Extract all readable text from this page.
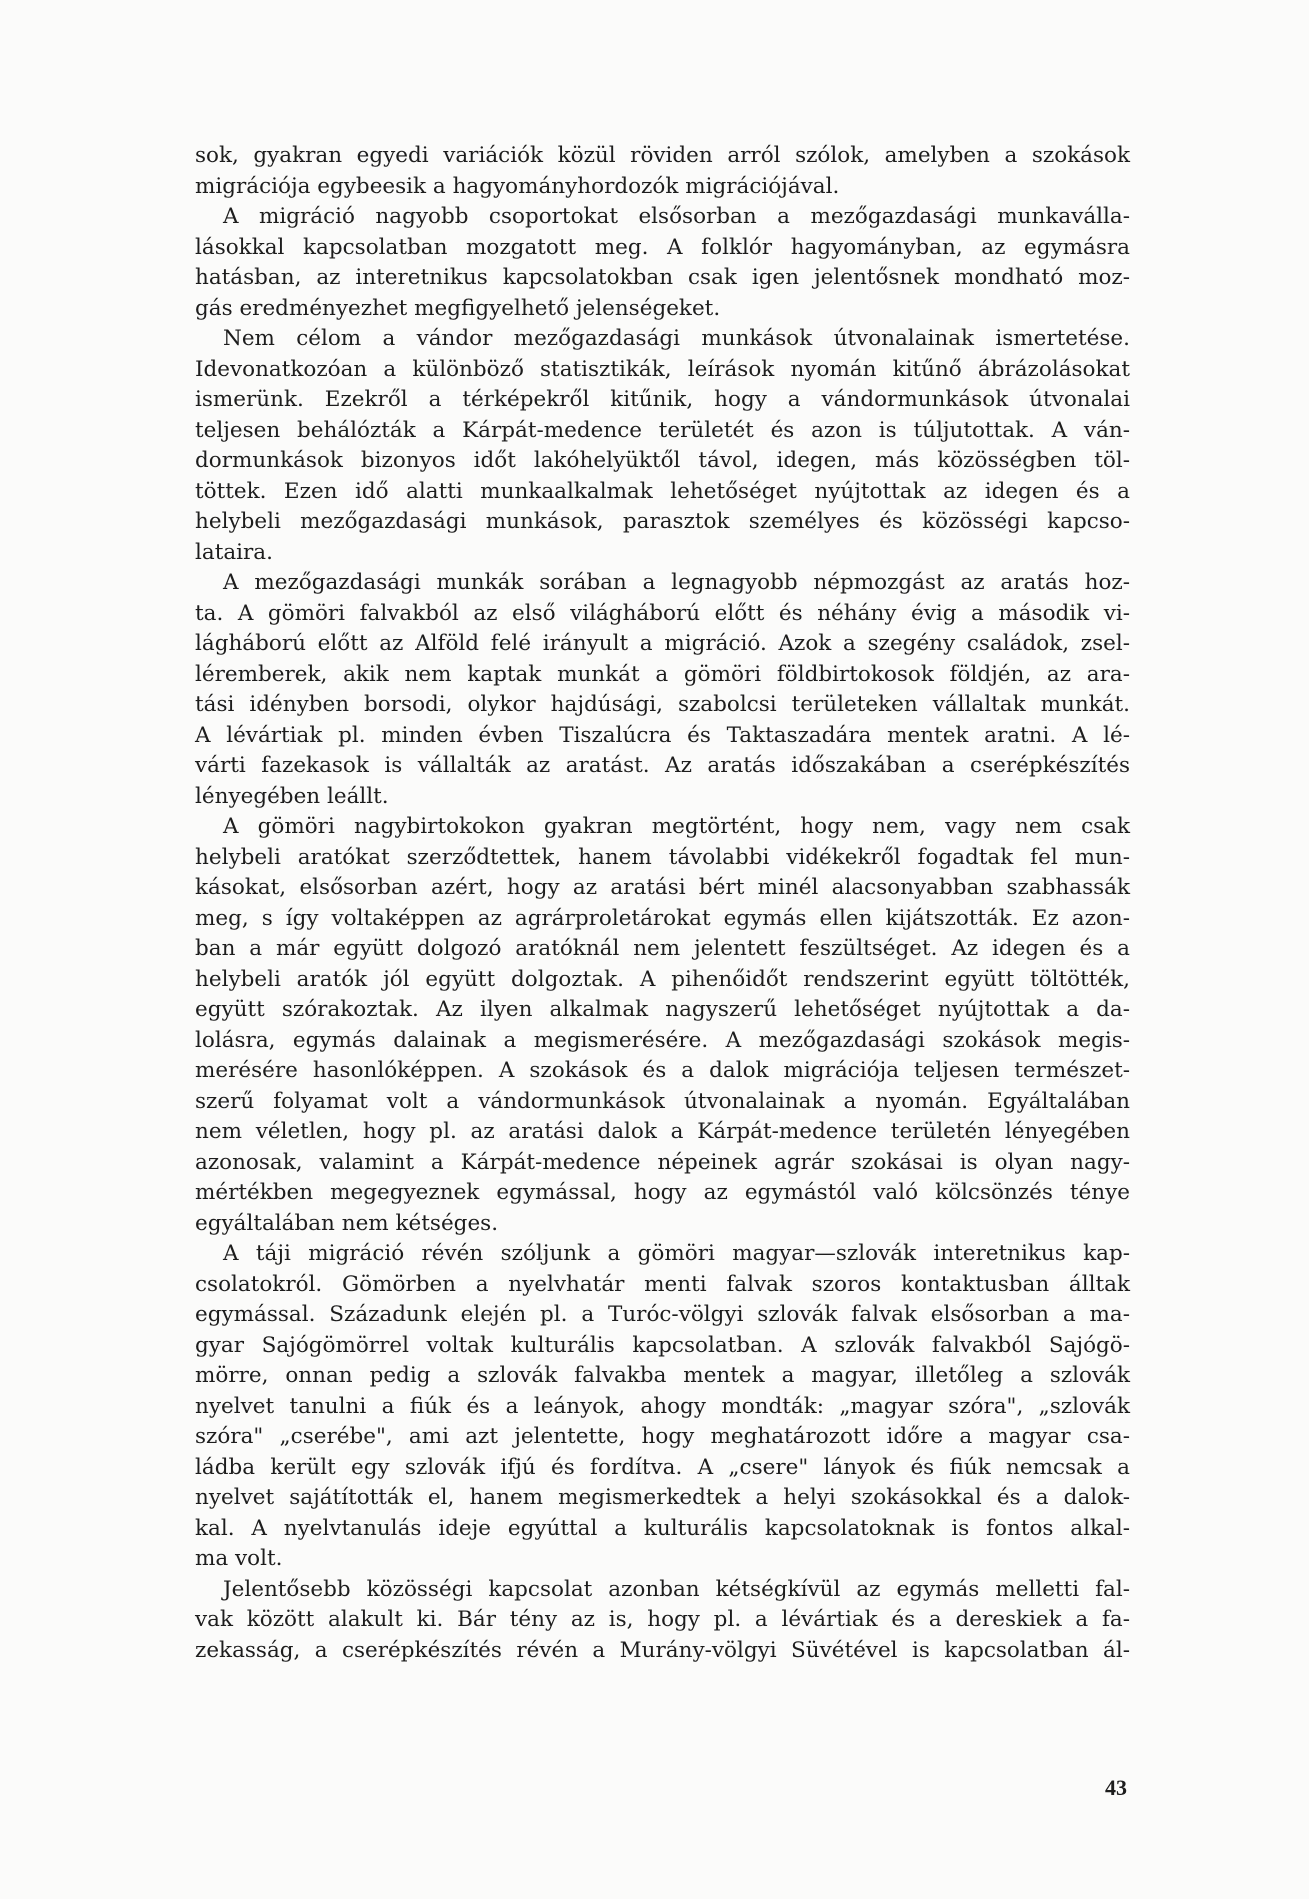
sok, gyakran egyedi variációk közül röviden arról szólok, amelyben a szokások
migrációja egybeesik a hagyományhordozók migrációjával.
A migráció nagyobb csoportokat elsősorban a mezőgazdasági munkaválla-
lásokkal kapcsolatban mozgatott meg. A folklór hagyományban, az egymásra
hatásban, az interetnikus kapcsolatokban csak igen jelentősnek mondható moz-
gás eredményezhet megfigyelhető jelenségeket.
Nem célom a vándor mezőgazdasági munkások útvonalainak ismertetése.
Idevonatkozóan a különböző statisztikák, leírások nyomán kitűnő ábrázolásokat
ismerünk. Ezekről a térképekről kitűnik, hogy a vándormunkások útvonalai
teljesen behálózták a Kárpát-medence területét és azon is túljutottak. A ván-
dormunkások bizonyos időt lakóhelyüktől távol, idegen, más közösségben töl-
töttek. Ezen idő alatti munkaalkalmak lehetőséget nyújtottak az idegen és a
helybeli mezőgazdasági munkások, parasztok személyes és közösségi kapcso-
lataira.
A mezőgazdasági munkák sorában a legnagyobb népmozgást az aratás hoz-
ta. A gömöri falvakból az első világháború előtt és néhány évig a második vi-
lágháború előtt az Alföld felé irányult a migráció. Azok a szegény családok, zsel-
léremberek, akik nem kaptak munkát a gömöri földbirtokosok földjén, az ara-
tási idényben borsodi, olykor hajdúsági, szabolcsi területeken vállaltak munkát.
A lévártiak pl. minden évben Tiszalúcra és Taktaszadára mentek aratni. A lé-
várti fazekasok is vállalták az aratást. Az aratás időszakában a cserépkészítés
lényegében leállt.
A gömöri nagybirtokokon gyakran megtörtént, hogy nem, vagy nem csak
helybeli aratókat szerződtettek, hanem távolabbi vidékekről fogadtak fel mun-
kásokat, elsősorban azért, hogy az aratási bért minél alacsonyabban szabhassák
meg, s így voltaképpen az agrárproletárokat egymás ellen kijátszották. Ez azon-
ban a már együtt dolgozó aratóknál nem jelentett feszültséget. Az idegen és a
helybeli aratók jól együtt dolgoztak. A pihenőidőt rendszerint együtt töltötték,
együtt szórakoztak. Az ilyen alkalmak nagyszerű lehetőséget nyújtottak a da-
lolásra, egymás dalainak a megismerésére. A mezőgazdasági szokások megis-
merésére hasonlóképpen. A szokások és a dalok migrációja teljesen természet-
szerű folyamat volt a vándormunkások útvonalainak a nyomán. Egyáltalában
nem véletlen, hogy pl. az aratási dalok a Kárpát-medence területén lényegében
azonosak, valamint a Kárpát-medence népeinek agrár szokásai is olyan nagy-
mértékben megegyeznek egymással, hogy az egymástól való kölcsönzés ténye
egyáltalában nem kétséges.
A táji migráció révén szóljunk a gömöri magyar—szlovák interetnikus kap-
csolatokról. Gömörben a nyelvhatár menti falvak szoros kontaktusban álltak
egymással. Századunk elején pl. a Turóc-völgyi szlovák falvak elsősorban a ma-
gyar Sajógömörrel voltak kulturális kapcsolatban. A szlovák falvakból Sajógö-
mörre, onnan pedig a szlovák falvakba mentek a magyar, illetőleg a szlovák
nyelvet tanulni a fiúk és a leányok, ahogy mondták: „magyar szóra", „szlovák
szóra" „cserébe", ami azt jelentette, hogy meghatározott időre a magyar csa-
ládba került egy szlovák ifjú és fordítva. A „csere" lányok és fiúk nemcsak a
nyelvet sajátították el, hanem megismerkedtek a helyi szokásokkal és a dalok-
kal. A nyelvtanulás ideje egyúttal a kulturális kapcsolatoknak is fontos alkal-
ma volt.
Jelentősebb közösségi kapcsolat azonban kétségkívül az egymás melletti fal-
vak között alakult ki. Bár tény az is, hogy pl. a lévártiak és a dereskiek a fa-
zekasság, a cserépkészítés révén a Murány-völgyi Süvétével is kapcsolatban ál-
43
